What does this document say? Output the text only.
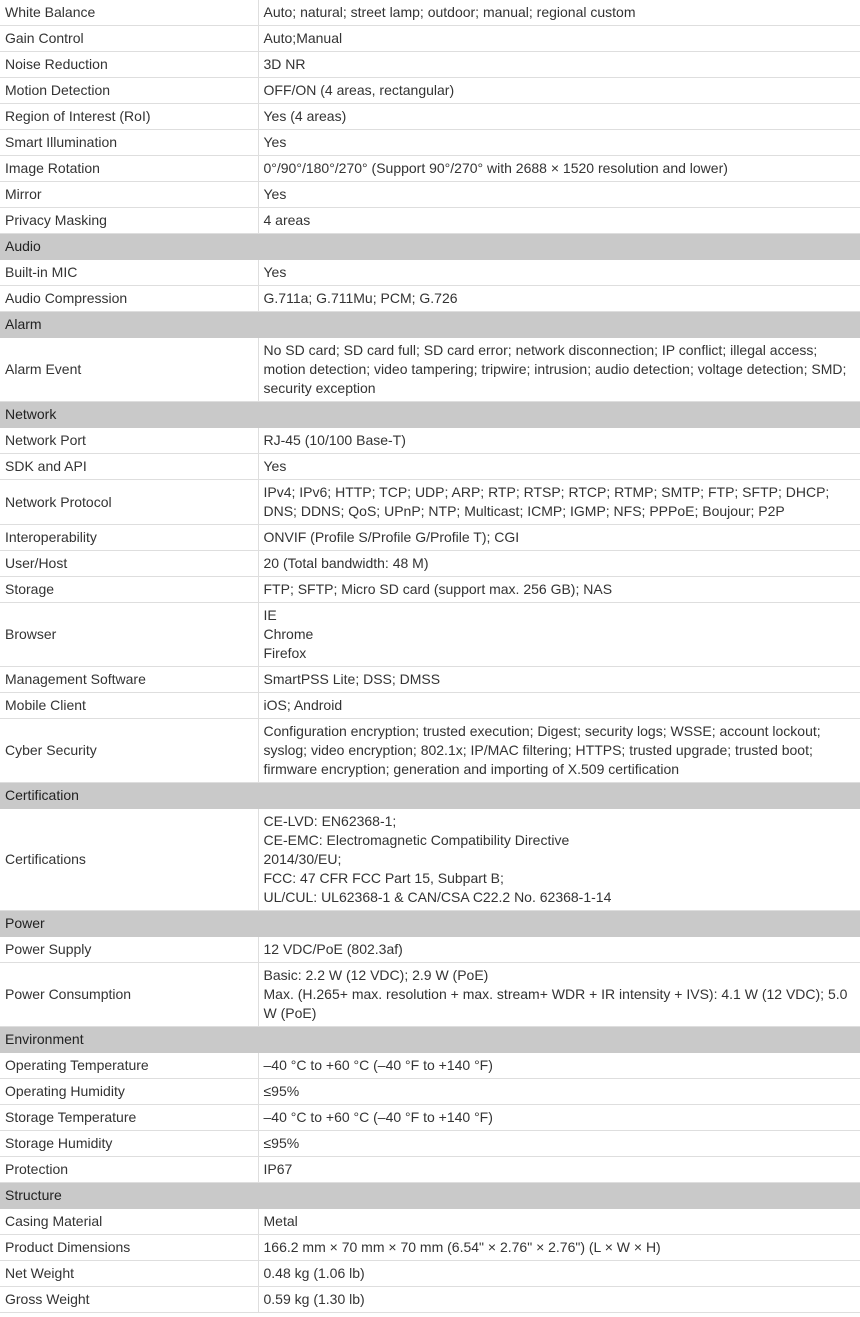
White Balance	Auto; natural; street lamp; outdoor; manual; regional custom

Gain Control	Auto;Manual

Noise Reduction	3D NR

Motion Detection	OFF/ON (4 areas, rectangular)

Region of Interest (RoI)	Yes (4 areas)

Smart Illumination	Yes

Image Rotation	0°/90°/180°/270° (Support 90°/270° with 2688 × 1520 resolution and lower)

Mirror	Yes

Privacy Masking	4 areas

Audio	
Built-in MIC	Yes

Audio Compression	G.711a; G.711Mu; PCM; G.726

Alarm	
Alarm Event	No SD card; SD card full; SD card error; network disconnection; IP conflict; illegal access; motion detection; video tampering; tripwire; intrusion; audio detection; voltage detection; SMD; security exception

Network	
Network Port	RJ-45 (10/100 Base-T)

SDK and API	Yes

Network Protocol	IPv4; IPv6; HTTP; TCP; UDP; ARP; RTP; RTSP; RTCP; RTMP; SMTP; FTP; SFTP; DHCP; DNS; DDNS; QoS; UPnP; NTP; Multicast; ICMP; IGMP; NFS; PPPoE; Boujour; P2P

Interoperability	ONVIF (Profile S/Profile G/Profile T); CGI

User/Host	20 (Total bandwidth: 48 M)

Storage	FTP; SFTP; Micro SD card (support max. 256 GB); NAS

Browser	IE
Chrome
Firefox

Management Software	SmartPSS Lite; DSS; DMSS

Mobile Client	iOS; Android

Cyber Security	Configuration encryption; trusted execution; Digest; security logs; WSSE; account lockout; syslog; video encryption; 802.1x; IP/MAC filtering; HTTPS; trusted upgrade; trusted boot; firmware encryption; generation and importing of X.509 certification

Certification	
Certifications	CE-LVD: EN62368-1;
CE-EMC: Electromagnetic Compatibility Directive
2014/30/EU;
FCC: 47 CFR FCC Part 15, Subpart B;
UL/CUL: UL62368-1 & CAN/CSA C22.2 No. 62368-1-14

Power	
Power Supply	12 VDC/PoE (802.3af)

Power Consumption	Basic: 2.2 W (12 VDC); 2.9 W (PoE)
Max. (H.265+ max. resolution + max. stream+ WDR + IR intensity + IVS): 4.1 W (12 VDC); 5.0 W (PoE)

Environment	
Operating Temperature	–40 °C to +60 °C (–40 °F to +140 °F)

Operating Humidity	≤95%

Storage Temperature	–40 °C to +60 °C (–40 °F to +140 °F)

Storage Humidity	≤95%

Protection	IP67

Structure	
Casing Material	Metal

Product Dimensions	166.2 mm × 70 mm × 70 mm (6.54" × 2.76" × 2.76") (L × W × H)

Net Weight	0.48 kg (1.06 lb)

Gross Weight	0.59 kg (1.30 lb)
